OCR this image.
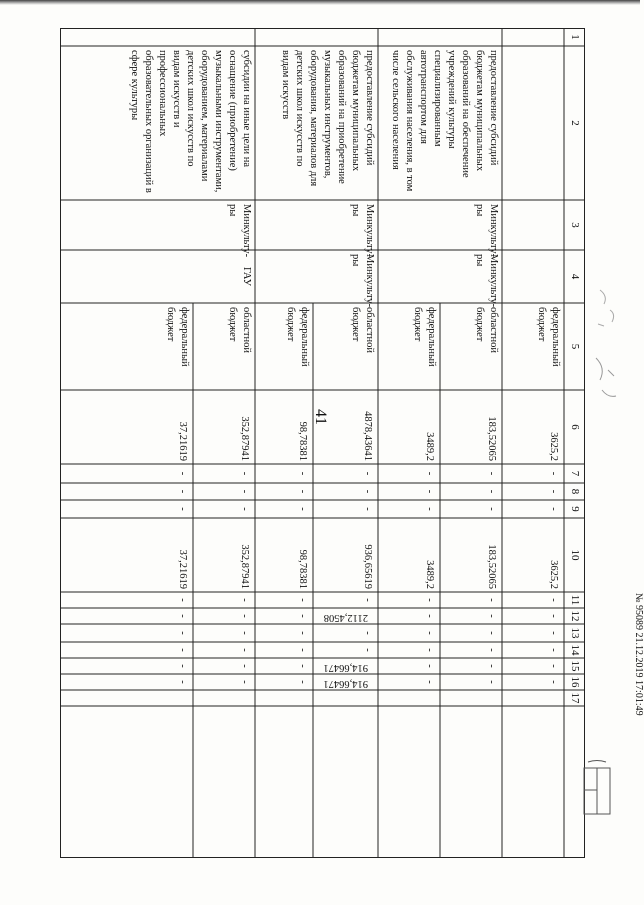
41
1
2
3
4
5
6
7
8
9
10
11
12
13
14
15
16
17
федеральный бюджет
3625,2
3625,2
предоставление субсидий бюджетам муниципальных образований на обеспечение учреждений культуры специализированным автотранспортом для обслуживания населения, в том числе сельского населения
Минкульту-ры
Минкульту-ры
областной бюджет
183,52065
183,52065
федеральный бюджет
3489,2
3489,2
предоставление субсидий бюджетам муниципальных образований на приобретение музыкальных инструментов, оборудования, материалов для детских школ искусств по видам искусств
Минкульту-ры
Минкульту-ры
областной бюджет
4878,43641
936,65619
2112,4508
914,66471
914,66471
федеральный бюджет
98,78381
98,78381
субсидии на иные цели на оснащение (приобретение) музыкальными инструментами, оборудованием, материалами детских школ искусств по видам искусств и профессиональных образовательных организаций в сфере культуры
Минкульту-ры
ГАУ
областной бюджет
352,87941
352,87941
федеральный бюджет
37,21619
37,21619
-
-
-
-
-
-
-
-
-
-
-
-
-
-
-
-
-
-
-
-
-
-
-
-
-
-
-
-
-
-
-
-
-
-
-
-
-
-
-
-
-
-
-
-
-
-
-
-
-
-
-
-
-
-
-
-
-
-
-
-	№ 95089 21.12.2019 17:01:49
